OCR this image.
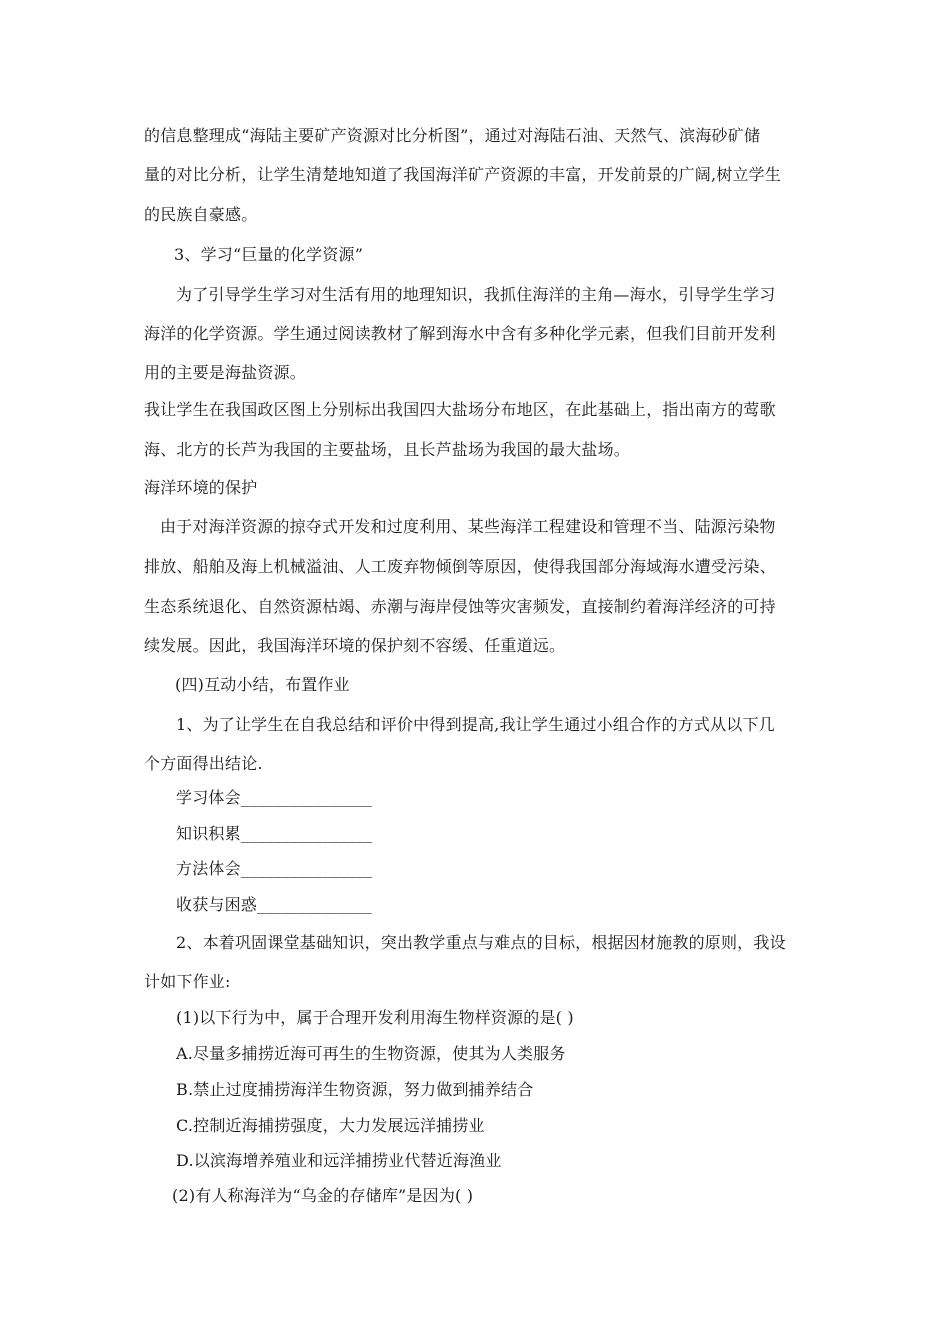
的信息整理成“海陆主要矿产资源对比分析图”，通过对海陆石油、天然气、滨海砂矿储
量的对比分析，让学生清楚地知道了我国海洋矿产资源的丰富，开发前景的广阔,树立学生
的民族自豪感。
3、学习“巨量的化学资源”
为了引导学生学习对生活有用的地理知识，我抓住海洋的主角—海水，引导学生学习
海洋的化学资源。学生通过阅读教材了解到海水中含有多种化学元素，但我们目前开发利
用的主要是海盐资源。
我让学生在我国政区图上分别标出我国四大盐场分布地区，在此基础上，指出南方的莺歌
海、北方的长芦为我国的主要盐场，且长芦盐场为我国的最大盐场。
海洋环境的保护
由于对海洋资源的掠夺式开发和过度利用、某些海洋工程建设和管理不当、陆源污染物
排放、船舶及海上机械溢油、人工废弃物倾倒等原因，使得我国部分海域海水遭受污染、
生态系统退化、自然资源枯竭、赤潮与海岸侵蚀等灾害频发，直接制约着海洋经济的可持
续发展。因此，我国海洋环境的保护刻不容缓、任重道远。
(四)互动小结，布置作业
1、为了让学生在自我总结和评价中得到提高,我让学生通过小组合作的方式从以下几
个方面得出结论.
学习体会________________
知识积累________________
方法体会________________
收获与困惑______________
2、本着巩固课堂基础知识，突出教学重点与难点的目标，根据因材施教的原则，我设
计如下作业:
(1)以下行为中，属于合理开发利用海生物样资源的是( )
A.尽量多捕捞近海可再生的生物资源，使其为人类服务
B.禁止过度捕捞海洋生物资源，努力做到捕养结合
C.控制近海捕捞强度，大力发展远洋捕捞业
D.以滨海增养殖业和远洋捕捞业代替近海渔业
(2)有人称海洋为“乌金的存储库”是因为( )
